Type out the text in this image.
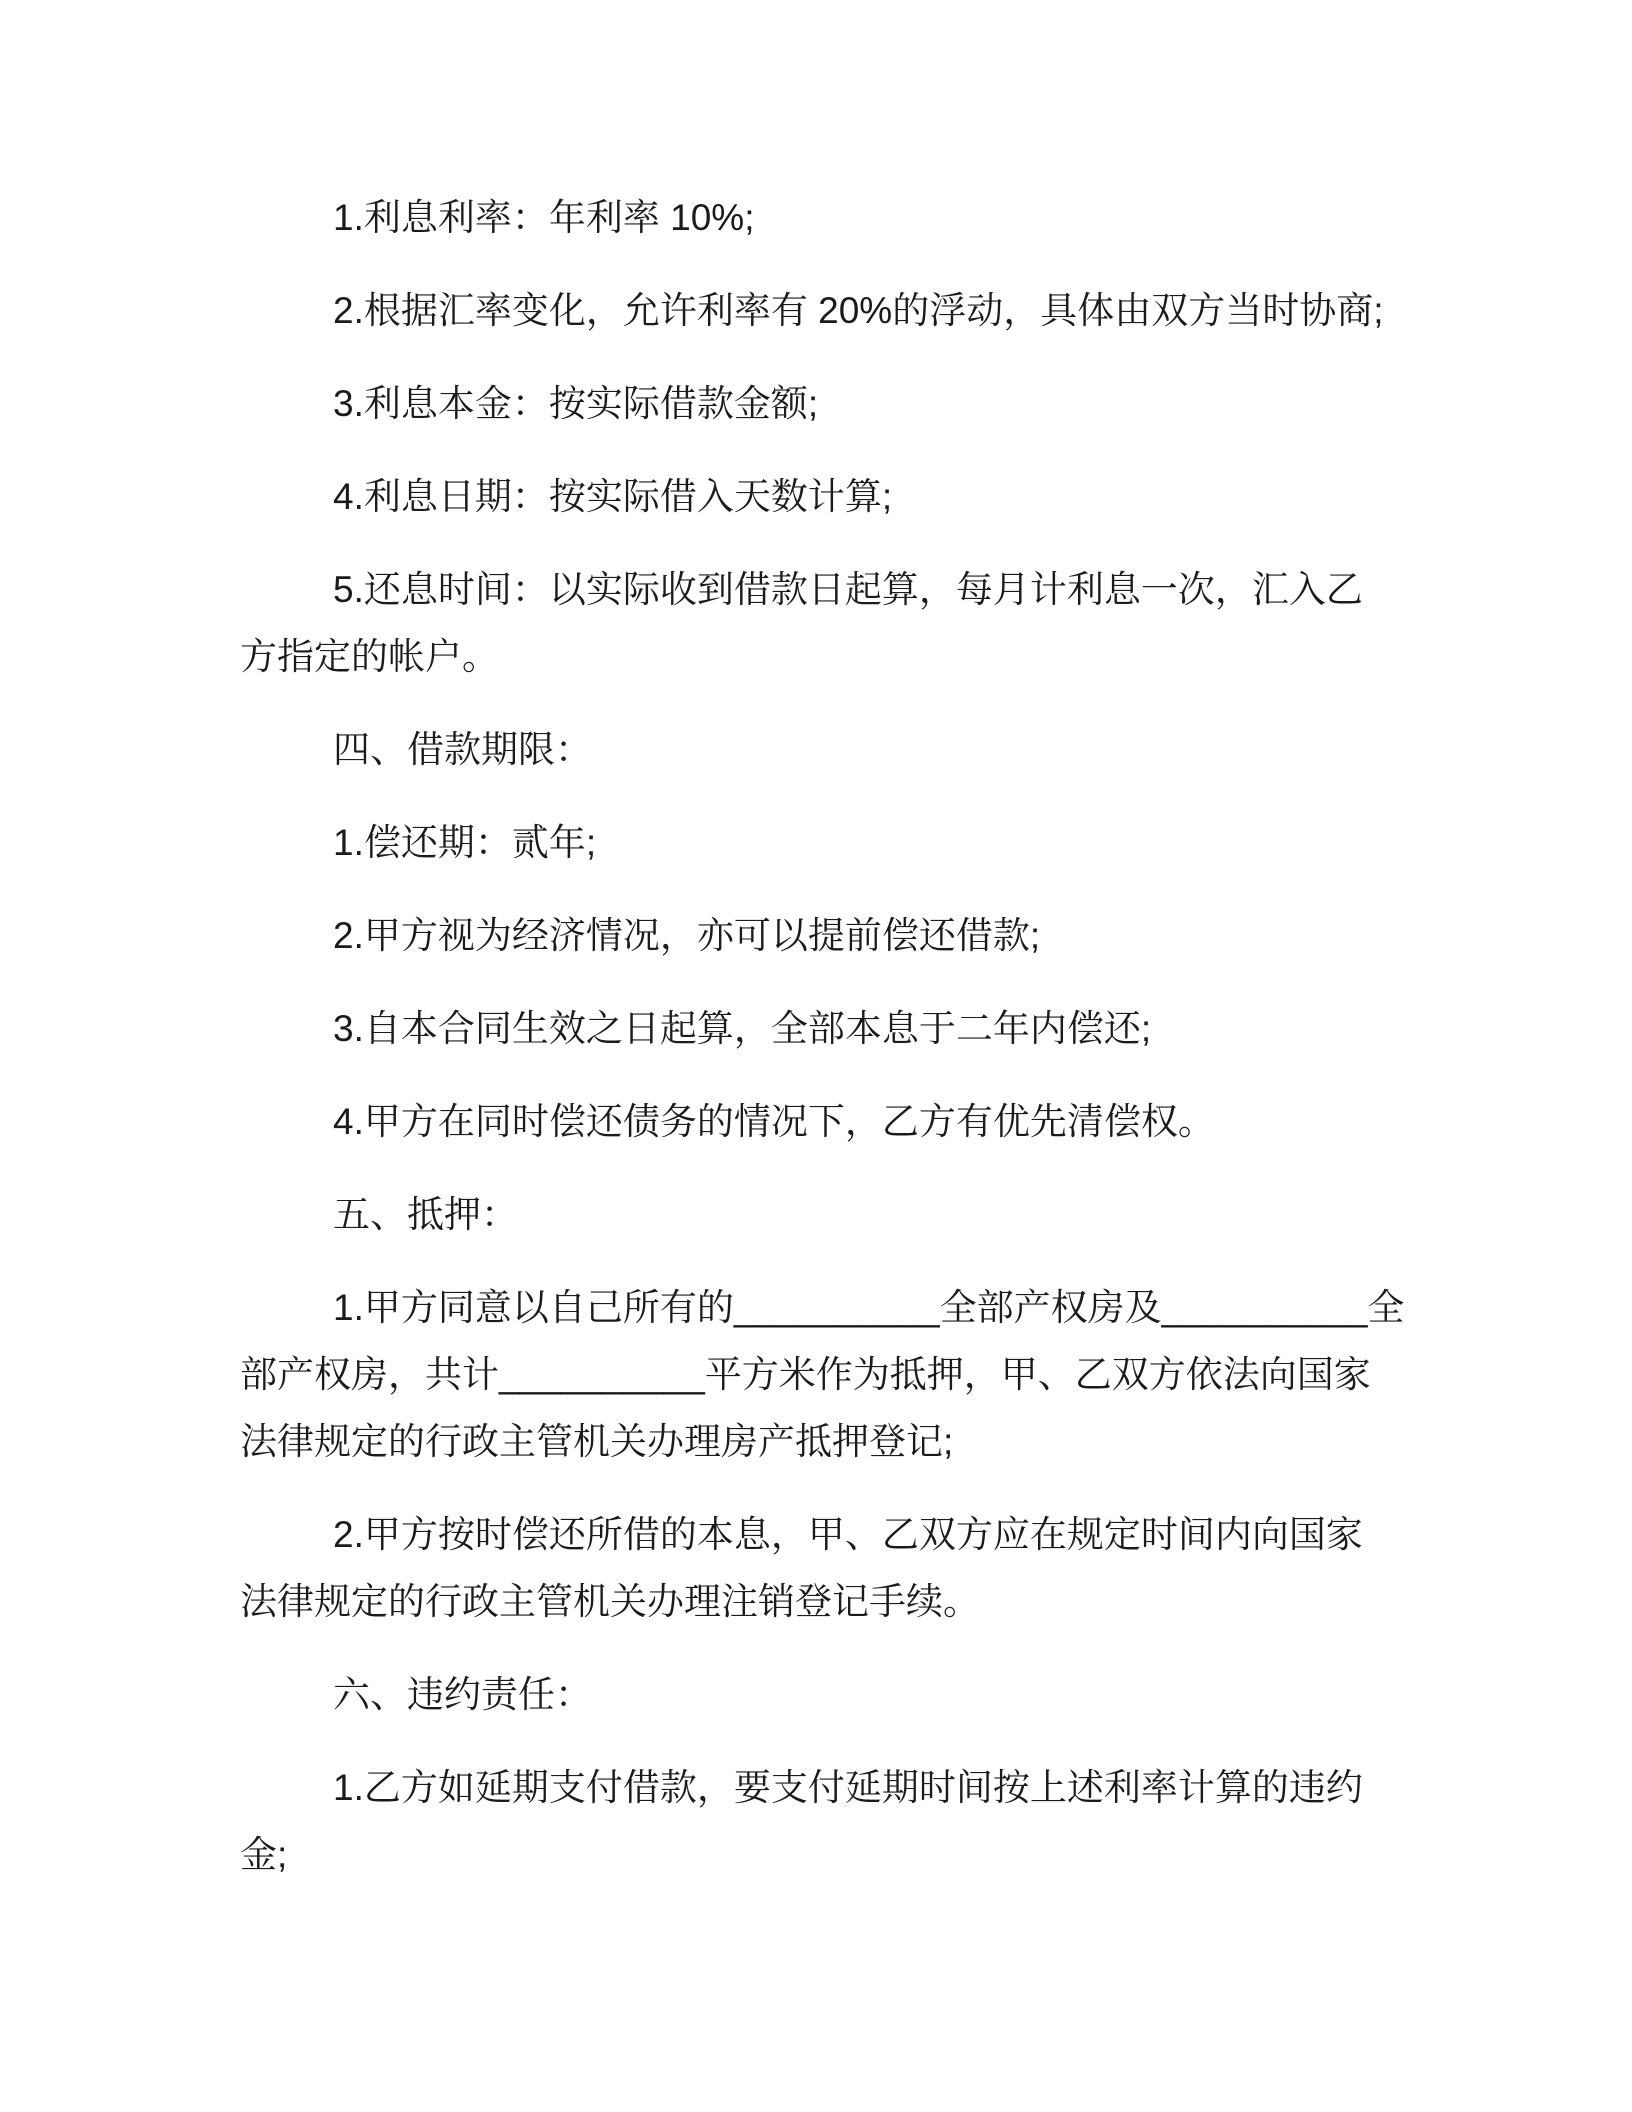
1.利息利率：年利率 10%;
2.根据汇率变化，允许利率有 20%的浮动，具体由双方当时协商;
3.利息本金：按实际借款金额;
4.利息日期：按实际借入天数计算;
5.还息时间：以实际收到借款日起算，每月计利息一次，汇入乙
方指定的帐户。
四、借款期限：
1.偿还期：贰年;
2.甲方视为经济情况，亦可以提前偿还借款;
3.自本合同生效之日起算，全部本息于二年内偿还;
4.甲方在同时偿还债务的情况下，乙方有优先清偿权。
五、抵押：
1.甲方同意以自己所有的__________全部产权房及__________全
部产权房，共计__________平方米作为抵押，甲、乙双方依法向国家
法律规定的行政主管机关办理房产抵押登记;
2.甲方按时偿还所借的本息，甲、乙双方应在规定时间内向国家
法律规定的行政主管机关办理注销登记手续。
六、违约责任：
1.乙方如延期支付借款，要支付延期时间按上述利率计算的违约
金;
